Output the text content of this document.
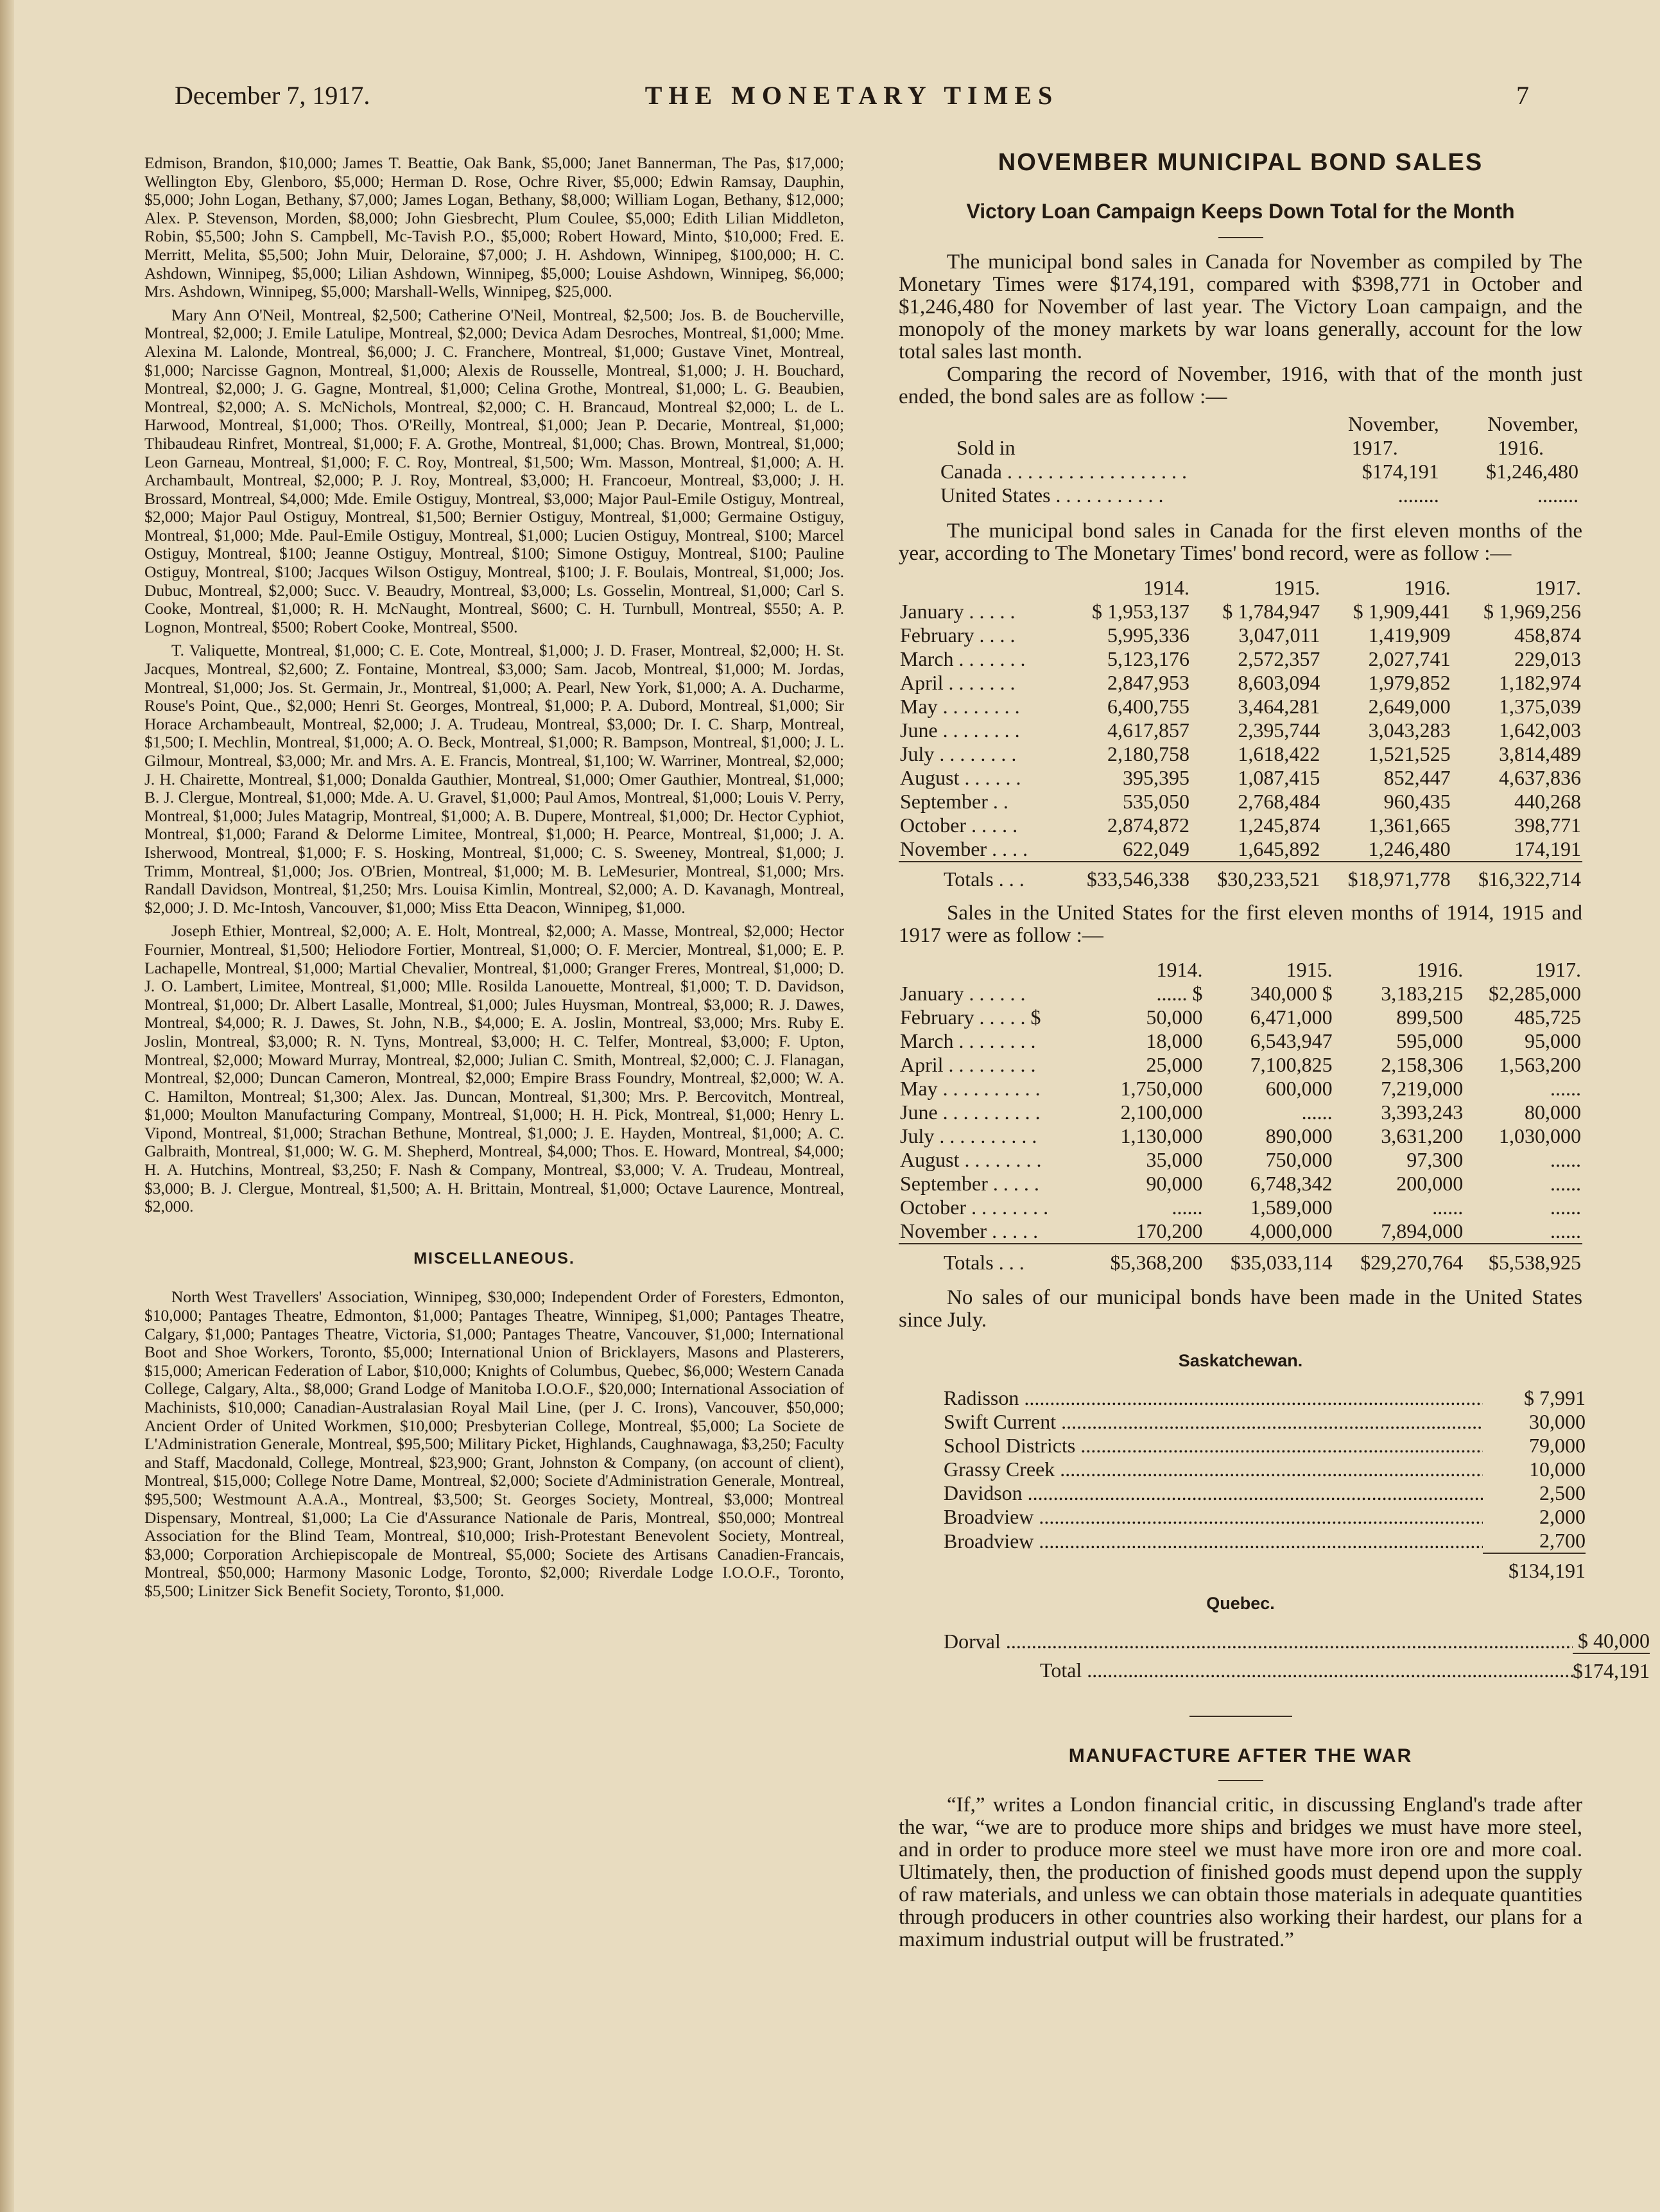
December 7, 1917.	THE MONETARY TIMES	7

Edmison, Brandon, $10,000; James T. Beattie, Oak Bank, $5,000; Janet Bannerman, The Pas, $17,000; Wellington Eby, Glenboro, $5,000; Herman D. Rose, Ochre River, $5,000; Edwin Ramsay, Dauphin, $5,000; John Logan, Bethany, $7,000; James Logan, Bethany, $8,000; William Logan, Bethany, $12,000; Alex. P. Stevenson, Morden, $8,000; John Giesbrecht, Plum Coulee, $5,000; Edith Lilian Middleton, Robin, $5,500; John S. Campbell, Mc-Tavish P.O., $5,000; Robert Howard, Minto, $10,000; Fred. E. Merritt, Melita, $5,500; John Muir, Deloraine, $7,000; J. H. Ashdown, Winnipeg, $100,000; H. C. Ashdown, Winnipeg, $5,000; Lilian Ashdown, Winnipeg, $5,000; Louise Ashdown, Winnipeg, $6,000; Mrs. Ashdown, Winnipeg, $5,000; Marshall-Wells, Winnipeg, $25,000.

Mary Ann O'Neil, Montreal, $2,500; Catherine O'Neil, Montreal, $2,500; Jos. B. de Boucherville, Montreal, $2,000; J. Emile Latulipe, Montreal, $2,000; Devica Adam Desroches, Montreal, $1,000; Mme. Alexina M. Lalonde, Montreal, $6,000; J. C. Franchere, Montreal, $1,000; Gustave Vinet, Montreal, $1,000; Narcisse Gagnon, Montreal, $1,000; Alexis de Rousselle, Montreal, $1,000; J. H. Bouchard, Montreal, $2,000; J. G. Gagne, Montreal, $1,000; Celina Grothe, Montreal, $1,000; L. G. Beaubien, Montreal, $2,000; A. S. McNichols, Montreal, $2,000; C. H. Brancaud, Montreal $2,000; L. de L. Harwood, Montreal, $1,000; Thos. O'Reilly, Montreal, $1,000; Jean P. Decarie, Montreal, $1,000; Thibaudeau Rinfret, Montreal, $1,000; F. A. Grothe, Montreal, $1,000; Chas. Brown, Montreal, $1,000; Leon Garneau, Montreal, $1,000; F. C. Roy, Montreal, $1,500; Wm. Masson, Montreal, $1,000; A. H. Archambault, Montreal, $2,000; P. J. Roy, Montreal, $3,000; H. Francoeur, Montreal, $3,000; J. H. Brossard, Montreal, $4,000; Mde. Emile Ostiguy, Montreal, $3,000; Major Paul-Emile Ostiguy, Montreal, $2,000; Major Paul Ostiguy, Montreal, $1,500; Bernier Ostiguy, Montreal, $1,000; Germaine Ostiguy, Montreal, $1,000; Mde. Paul-Emile Ostiguy, Montreal, $1,000; Lucien Ostiguy, Montreal, $100; Marcel Ostiguy, Montreal, $100; Jeanne Ostiguy, Montreal, $100; Simone Ostiguy, Montreal, $100; Pauline Ostiguy, Montreal, $100; Jacques Wilson Ostiguy, Montreal, $100; J. F. Boulais, Montreal, $1,000; Jos. Dubuc, Montreal, $2,000; Succ. V. Beaudry, Montreal, $3,000; Ls. Gosselin, Montreal, $1,000; Carl S. Cooke, Montreal, $1,000; R. H. McNaught, Montreal, $600; C. H. Turnbull, Montreal, $550; A. P. Lognon, Montreal, $500; Robert Cooke, Montreal, $500.

T. Valiquette, Montreal, $1,000; C. E. Cote, Montreal, $1,000; J. D. Fraser, Montreal, $2,000; H. St. Jacques, Montreal, $2,600; Z. Fontaine, Montreal, $3,000; Sam. Jacob, Montreal, $1,000; M. Jordas, Montreal, $1,000; Jos. St. Germain, Jr., Montreal, $1,000; A. Pearl, New York, $1,000; A. A. Ducharme, Rouse's Point, Que., $2,000; Henri St. Georges, Montreal, $1,000; P. A. Dubord, Montreal, $1,000; Sir Horace Archambeault, Montreal, $2,000; J. A. Trudeau, Montreal, $3,000; Dr. I. C. Sharp, Montreal, $1,500; I. Mechlin, Montreal, $1,000; A. O. Beck, Montreal, $1,000; R. Bampson, Montreal, $1,000; J. L. Gilmour, Montreal, $3,000; Mr. and Mrs. A. E. Francis, Montreal, $1,100; W. Warriner, Montreal, $2,000; J. H. Chairette, Montreal, $1,000; Donalda Gauthier, Montreal, $1,000; Omer Gauthier, Montreal, $1,000; B. J. Clergue, Montreal, $1,000; Mde. A. U. Gravel, $1,000; Paul Amos, Montreal, $1,000; Louis V. Perry, Montreal, $1,000; Jules Matagrip, Montreal, $1,000; A. B. Dupere, Montreal, $1,000; Dr. Hector Cyphiot, Montreal, $1,000; Farand & Delorme Limitee, Montreal, $1,000; H. Pearce, Montreal, $1,000; J. A. Isherwood, Montreal, $1,000; F. S. Hosking, Montreal, $1,000; C. S. Sweeney, Montreal, $1,000; J. Trimm, Montreal, $1,000; Jos. O'Brien, Montreal, $1,000; M. B. LeMesurier, Montreal, $1,000; Mrs. Randall Davidson, Montreal, $1,250; Mrs. Louisa Kimlin, Montreal, $2,000; A. D. Kavanagh, Montreal, $2,000; J. D. Mc-Intosh, Vancouver, $1,000; Miss Etta Deacon, Winnipeg, $1,000.

Joseph Ethier, Montreal, $2,000; A. E. Holt, Montreal, $2,000; A. Masse, Montreal, $2,000; Hector Fournier, Montreal, $1,500; Heliodore Fortier, Montreal, $1,000; O. F. Mercier, Montreal, $1,000; E. P. Lachapelle, Montreal, $1,000; Martial Chevalier, Montreal, $1,000; Granger Freres, Montreal, $1,000; D. J. O. Lambert, Limitee, Montreal, $1,000; Mlle. Rosilda Lanouette, Montreal, $1,000; T. D. Davidson, Montreal, $1,000; Dr. Albert Lasalle, Montreal, $1,000; Jules Huysman, Montreal, $3,000; R. J. Dawes, Montreal, $4,000; R. J. Dawes, St. John, N.B., $4,000; E. A. Joslin, Montreal, $3,000; Mrs. Ruby E. Joslin, Montreal, $3,000; R. N. Tyns, Montreal, $3,000; H. C. Telfer, Montreal, $3,000; F. Upton, Montreal, $2,000; Moward Murray, Montreal, $2,000; Julian C. Smith, Montreal, $2,000; C. J. Flanagan, Montreal, $2,000; Duncan Cameron, Montreal, $2,000; Empire Brass Foundry, Montreal, $2,000; W. A. C. Hamilton, Montreal; $1,300; Alex. Jas. Duncan, Montreal, $1,300; Mrs. P. Bercovitch, Montreal, $1,000; Moulton Manufacturing Company, Montreal, $1,000; H. H. Pick, Montreal, $1,000; Henry L. Vipond, Montreal, $1,000; Strachan Bethune, Montreal, $1,000; J. E. Hayden, Montreal, $1,000; A. C. Galbraith, Montreal, $1,000; W. G. M. Shepherd, Montreal, $4,000; Thos. E. Howard, Montreal, $4,000; H. A. Hutchins, Montreal, $3,250; F. Nash & Company, Montreal, $3,000; V. A. Trudeau, Montreal, $3,000; B. J. Clergue, Montreal, $1,500; A. H. Brittain, Montreal, $1,000; Octave Laurence, Montreal, $2,000.

MISCELLANEOUS.

North West Travellers' Association, Winnipeg, $30,000; Independent Order of Foresters, Edmonton, $10,000; Pantages Theatre, Edmonton, $1,000; Pantages Theatre, Winnipeg, $1,000; Pantages Theatre, Calgary, $1,000; Pantages Theatre, Victoria, $1,000; Pantages Theatre, Vancouver, $1,000; International Boot and Shoe Workers, Toronto, $5,000; International Union of Bricklayers, Masons and Plasterers, $15,000; American Federation of Labor, $10,000; Knights of Columbus, Quebec, $6,000; Western Canada College, Calgary, Alta., $8,000; Grand Lodge of Manitoba I.O.O.F., $20,000; International Association of Machinists, $10,000; Canadian-Australasian Royal Mail Line, (per J. C. Irons), Vancouver, $50,000; Ancient Order of United Workmen, $10,000; Presbyterian College, Montreal, $5,000; La Societe de L'Administration Generale, Montreal, $95,500; Military Picket, Highlands, Caughnawaga, $3,250; Faculty and Staff, Macdonald, College, Montreal, $23,900; Grant, Johnston & Company, (on account of client), Montreal, $15,000; College Notre Dame, Montreal, $2,000; Societe d'Administration Generale, Montreal, $95,500; Westmount A.A.A., Montreal, $3,500; St. Georges Society, Montreal, $3,000; Montreal Dispensary, Montreal, $1,000; La Cie d'Assurance Nationale de Paris, Montreal, $50,000; Montreal Association for the Blind Team, Montreal, $10,000; Irish-Protestant Benevolent Society, Montreal, $3,000; Corporation Archiepiscopale de Montreal, $5,000; Societe des Artisans Canadien-Francais, Montreal, $50,000; Harmony Masonic Lodge, Toronto, $2,000; Riverdale Lodge I.O.O.F., Toronto, $5,500; Linitzer Sick Benefit Society, Toronto, $1,000.

NOVEMBER MUNICIPAL BOND SALES
Victory Loan Campaign Keeps Down Total for the Month

The municipal bond sales in Canada for November as compiled by The Monetary Times were $174,191, compared with $398,771 in October and $1,246,480 for November of last year. The Victory Loan campaign, and the monopoly of the money markets by war loans generally, account for the low total sales last month.

Comparing the record of November, 1916, with that of the month just ended, the bond sales are as follow :—

	November,	November,
Sold in	1917.	1916.
Canada . . . . . . . . . . . . . . . . . .	$174,191	$1,246,480
United States . . . . . . . . . . .	........	........

The municipal bond sales in Canada for the first eleven months of the year, according to The Monetary Times' bond record, were as follow :—

	1914.	1915.	1916.	1917.
January . . . . .	$ 1,953,137	$ 1,784,947	$ 1,909,441	$ 1,969,256
February . . . .	5,995,336	3,047,011	1,419,909	458,874
March . . . . . . .	5,123,176	2,572,357	2,027,741	229,013
April . . . . . . .	2,847,953	8,603,094	1,979,852	1,182,974
May . . . . . . . .	6,400,755	3,464,281	2,649,000	1,375,039
June . . . . . . . .	4,617,857	2,395,744	3,043,283	1,642,003
July . . . . . . . .	2,180,758	1,618,422	1,521,525	3,814,489
August . . . . . .	395,395	1,087,415	852,447	4,637,836
September . .	535,050	2,768,484	960,435	440,268
October . . . . .	2,874,872	1,245,874	1,361,665	398,771
November . . . .	622,049	1,645,892	1,246,480	174,191
Totals . . .	$33,546,338	$30,233,521	$18,971,778	$16,322,714

Sales in the United States for the first eleven months of 1914, 1915 and 1917 were as follow :—

	1914.	1915.	1916.	1917.
January . . . . . .	...... $	340,000 $	3,183,215	$2,285,000
February . . . . . $	50,000	6,471,000	899,500	485,725
March . . . . . . . .	18,000	6,543,947	595,000	95,000
April . . . . . . . . .	25,000	7,100,825	2,158,306	1,563,200
May . . . . . . . . . .	1,750,000	600,000	7,219,000	......
June . . . . . . . . . .	2,100,000	......	3,393,243	80,000
July . . . . . . . . . .	1,130,000	890,000	3,631,200	1,030,000
August . . . . . . . .	35,000	750,000	97,300	......
September . . . . .	90,000	6,748,342	200,000	......
October . . . . . . . .	......	1,589,000	......	......
November . . . . .	170,200	4,000,000	7,894,000	......
Totals . . .	$5,368,200	$35,033,114	$29,270,764	$5,538,925

No sales of our municipal bonds have been made in the United States since July.

Saskatchewan.
Radisson .....	$ 7,991
Swift Current .....	30,000
School Districts .....	79,000
Grassy Creek .....	10,000
Davidson .....	2,500
Broadview .....	2,000
Broadview .....	2,700
	$134,191
Quebec.
Dorval .....	$ 40,000
Total .....	$174,191
MANUFACTURE AFTER THE WAR

“If,” writes a London financial critic, in discussing England's trade after the war, “we are to produce more ships and bridges we must have more steel, and in order to produce more steel we must have more iron ore and more coal. Ultimately, then, the production of finished goods must depend upon the supply of raw materials, and unless we can obtain those materials in adequate quantities through producers in other countries also working their hardest, our plans for a maximum industrial output will be frustrated.”
